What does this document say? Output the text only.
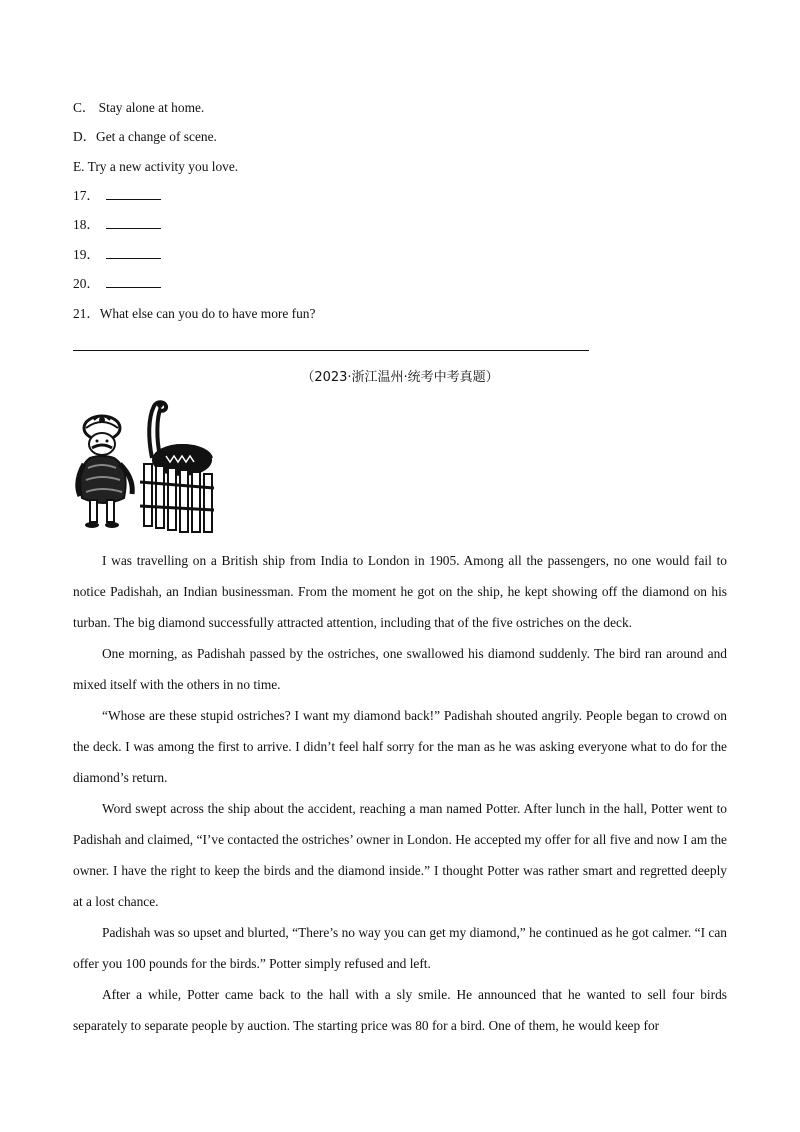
C． Stay alone at home.
D．Get a change of scene.
E. Try a new activity you love.
17．
18．
19．
20．
21．What else can you do to have more fun?
（2023·浙江温州·统考中考真题）

I was travelling on a British ship from India to London in 1905. Among all the passengers, no one would fail to notice Padishah, an Indian businessman. From the moment he got on the ship, he kept showing off the diamond on his turban. The big diamond successfully attracted attention, including that of the five ostriches on the deck.

One morning, as Padishah passed by the ostriches, one swallowed his diamond suddenly. The bird ran around and mixed itself with the others in no time.

“Whose are these stupid ostriches? I want my diamond back!” Padishah shouted angrily. People began to crowd on the deck. I was among the first to arrive. I didn’t feel half sorry for the man as he was asking everyone what to do for the diamond’s return.

Word swept across the ship about the accident, reaching a man named Potter. After lunch in the hall, Potter went to Padishah and claimed, “I’ve contacted the ostriches’ owner in London. He accepted my offer for all five and now I am the owner. I have the right to keep the birds and the diamond inside.” I thought Potter was rather smart and regretted deeply at a lost chance.

Padishah was so upset and blurted, “There’s no way you can get my diamond,” he continued as he got calmer. “I can offer you 100 pounds for the birds.” Potter simply refused and left.

After a while, Potter came back to the hall with a sly smile. He announced that he wanted to sell four birds separately to separate people by auction. The starting price was 80 for a bird. One of them, he would keep for
